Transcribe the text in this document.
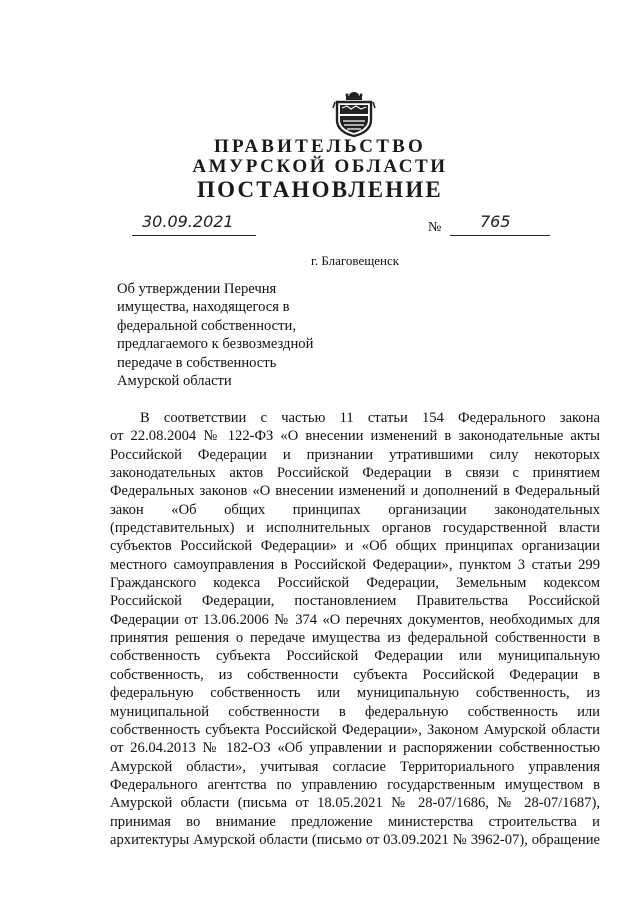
ПРАВИТЕЛЬСТВО
АМУРСКОЙ ОБЛАСТИ
ПОСТАНОВЛЕНИЕ
30.09.2021	№ 765
г. Благовещенск
Об утверждении Перечня
имущества, находящегося в
федеральной собственности,
предлагаемого к безвозмездной
передаче в собственность
Амурской области
В соответствии с частью 11 статьи 154 Федерального закона
от 22.08.2004 № 122-ФЗ «О внесении изменений в законодательные акты
Российской Федерации и признании утратившими силу некоторых
законодательных актов Российской Федерации в связи с принятием
Федеральных законов «О внесении изменений и дополнений в Федеральный
закон «Об общих принципах организации законодательных
(представительных) и исполнительных органов государственной власти
субъектов Российской Федерации» и «Об общих принципах организации
местного самоуправления в Российской Федерации», пунктом 3 статьи 299
Гражданского кодекса Российской Федерации, Земельным кодексом
Российской Федерации, постановлением Правительства Российской
Федерации от 13.06.2006 № 374 «О перечнях документов, необходимых для
принятия решения о передаче имущества из федеральной собственности в
собственность субъекта Российской Федерации или муниципальную
собственность, из собственности субъекта Российской Федерации в
федеральную собственность или муниципальную собственность, из
муниципальной собственности в федеральную собственность или
собственность субъекта Российской Федерации», Законом Амурской области
от 26.04.2013 № 182-ОЗ «Об управлении и распоряжении собственностью
Амурской области», учитывая согласие Территориального управления
Федерального агентства по управлению государственным имуществом в
Амурской области (письма от 18.05.2021 № 28-07/1686, № 28-07/1687),
принимая во внимание предложение министерства строительства и
архитектуры Амурской области (письмо от 03.09.2021 № 3962-07), обращение
